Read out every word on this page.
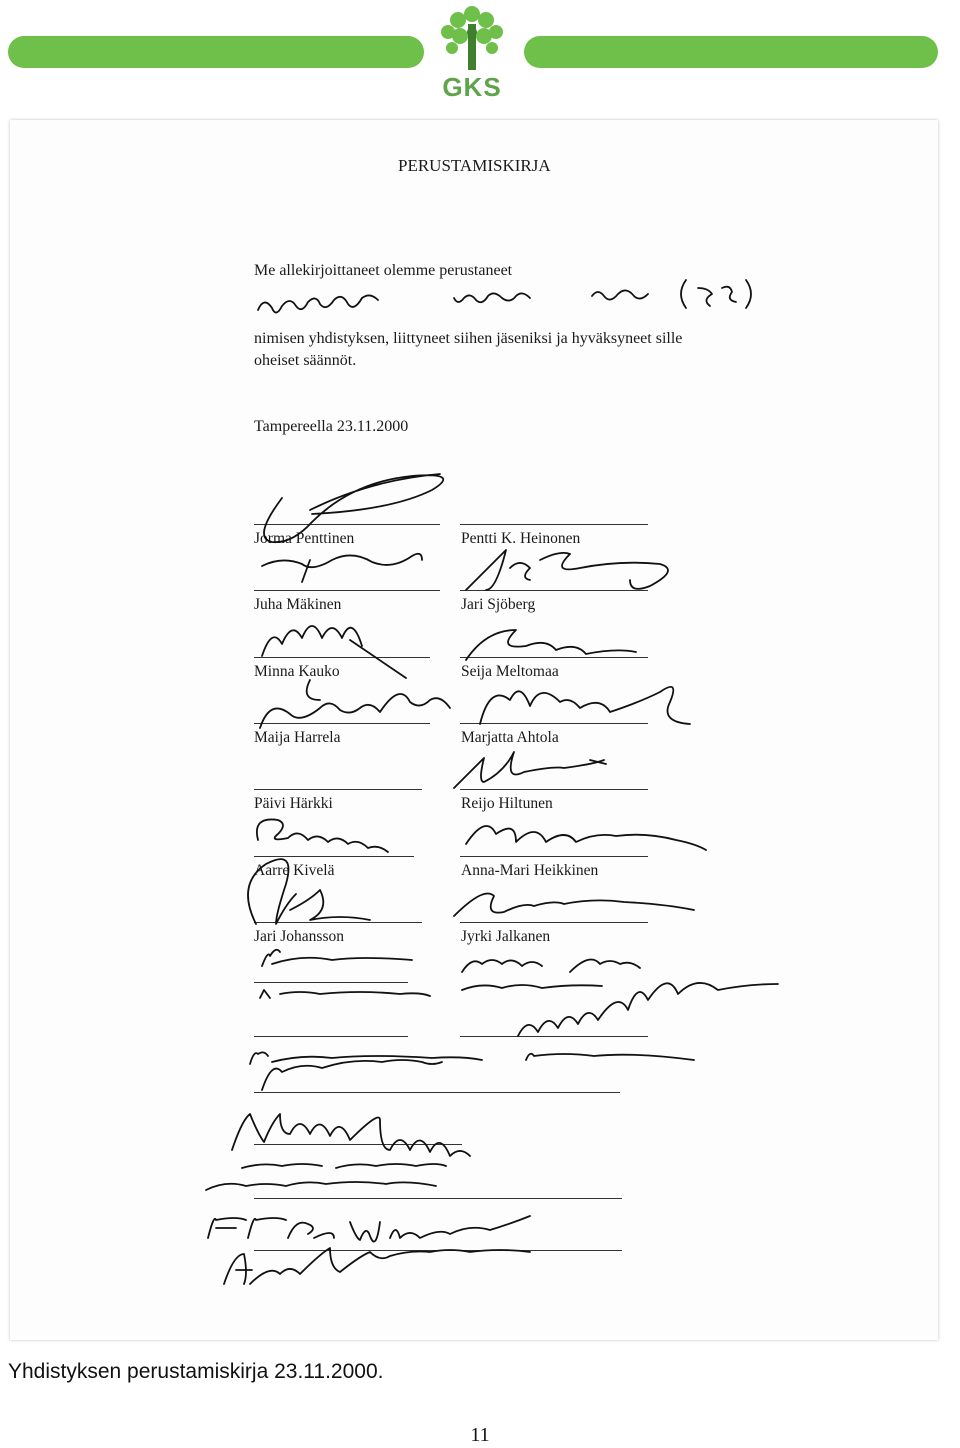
GKS
PERUSTAMISKIRJA
Me allekirjoittaneet olemme perustaneet
nimisen yhdistyksen, liittyneet siihen jäseniksi ja hyväksyneet sille
oheiset säännöt.
Tampereella 23.11.2000
Jorma Penttinen	Pentti K. Heinonen
Juha Mäkinen	Jari Sjöberg
Minna Kauko	Seija Meltomaa
Maija Harrela	Marjatta Ahtola
Päivi Härkki	Reijo Hiltunen
Aarre Kivelä	Anna-Mari Heikkinen
Jari Johansson	Jyrki Jalkanen
Yhdistyksen perustamiskirja 23.11.2000.
11
